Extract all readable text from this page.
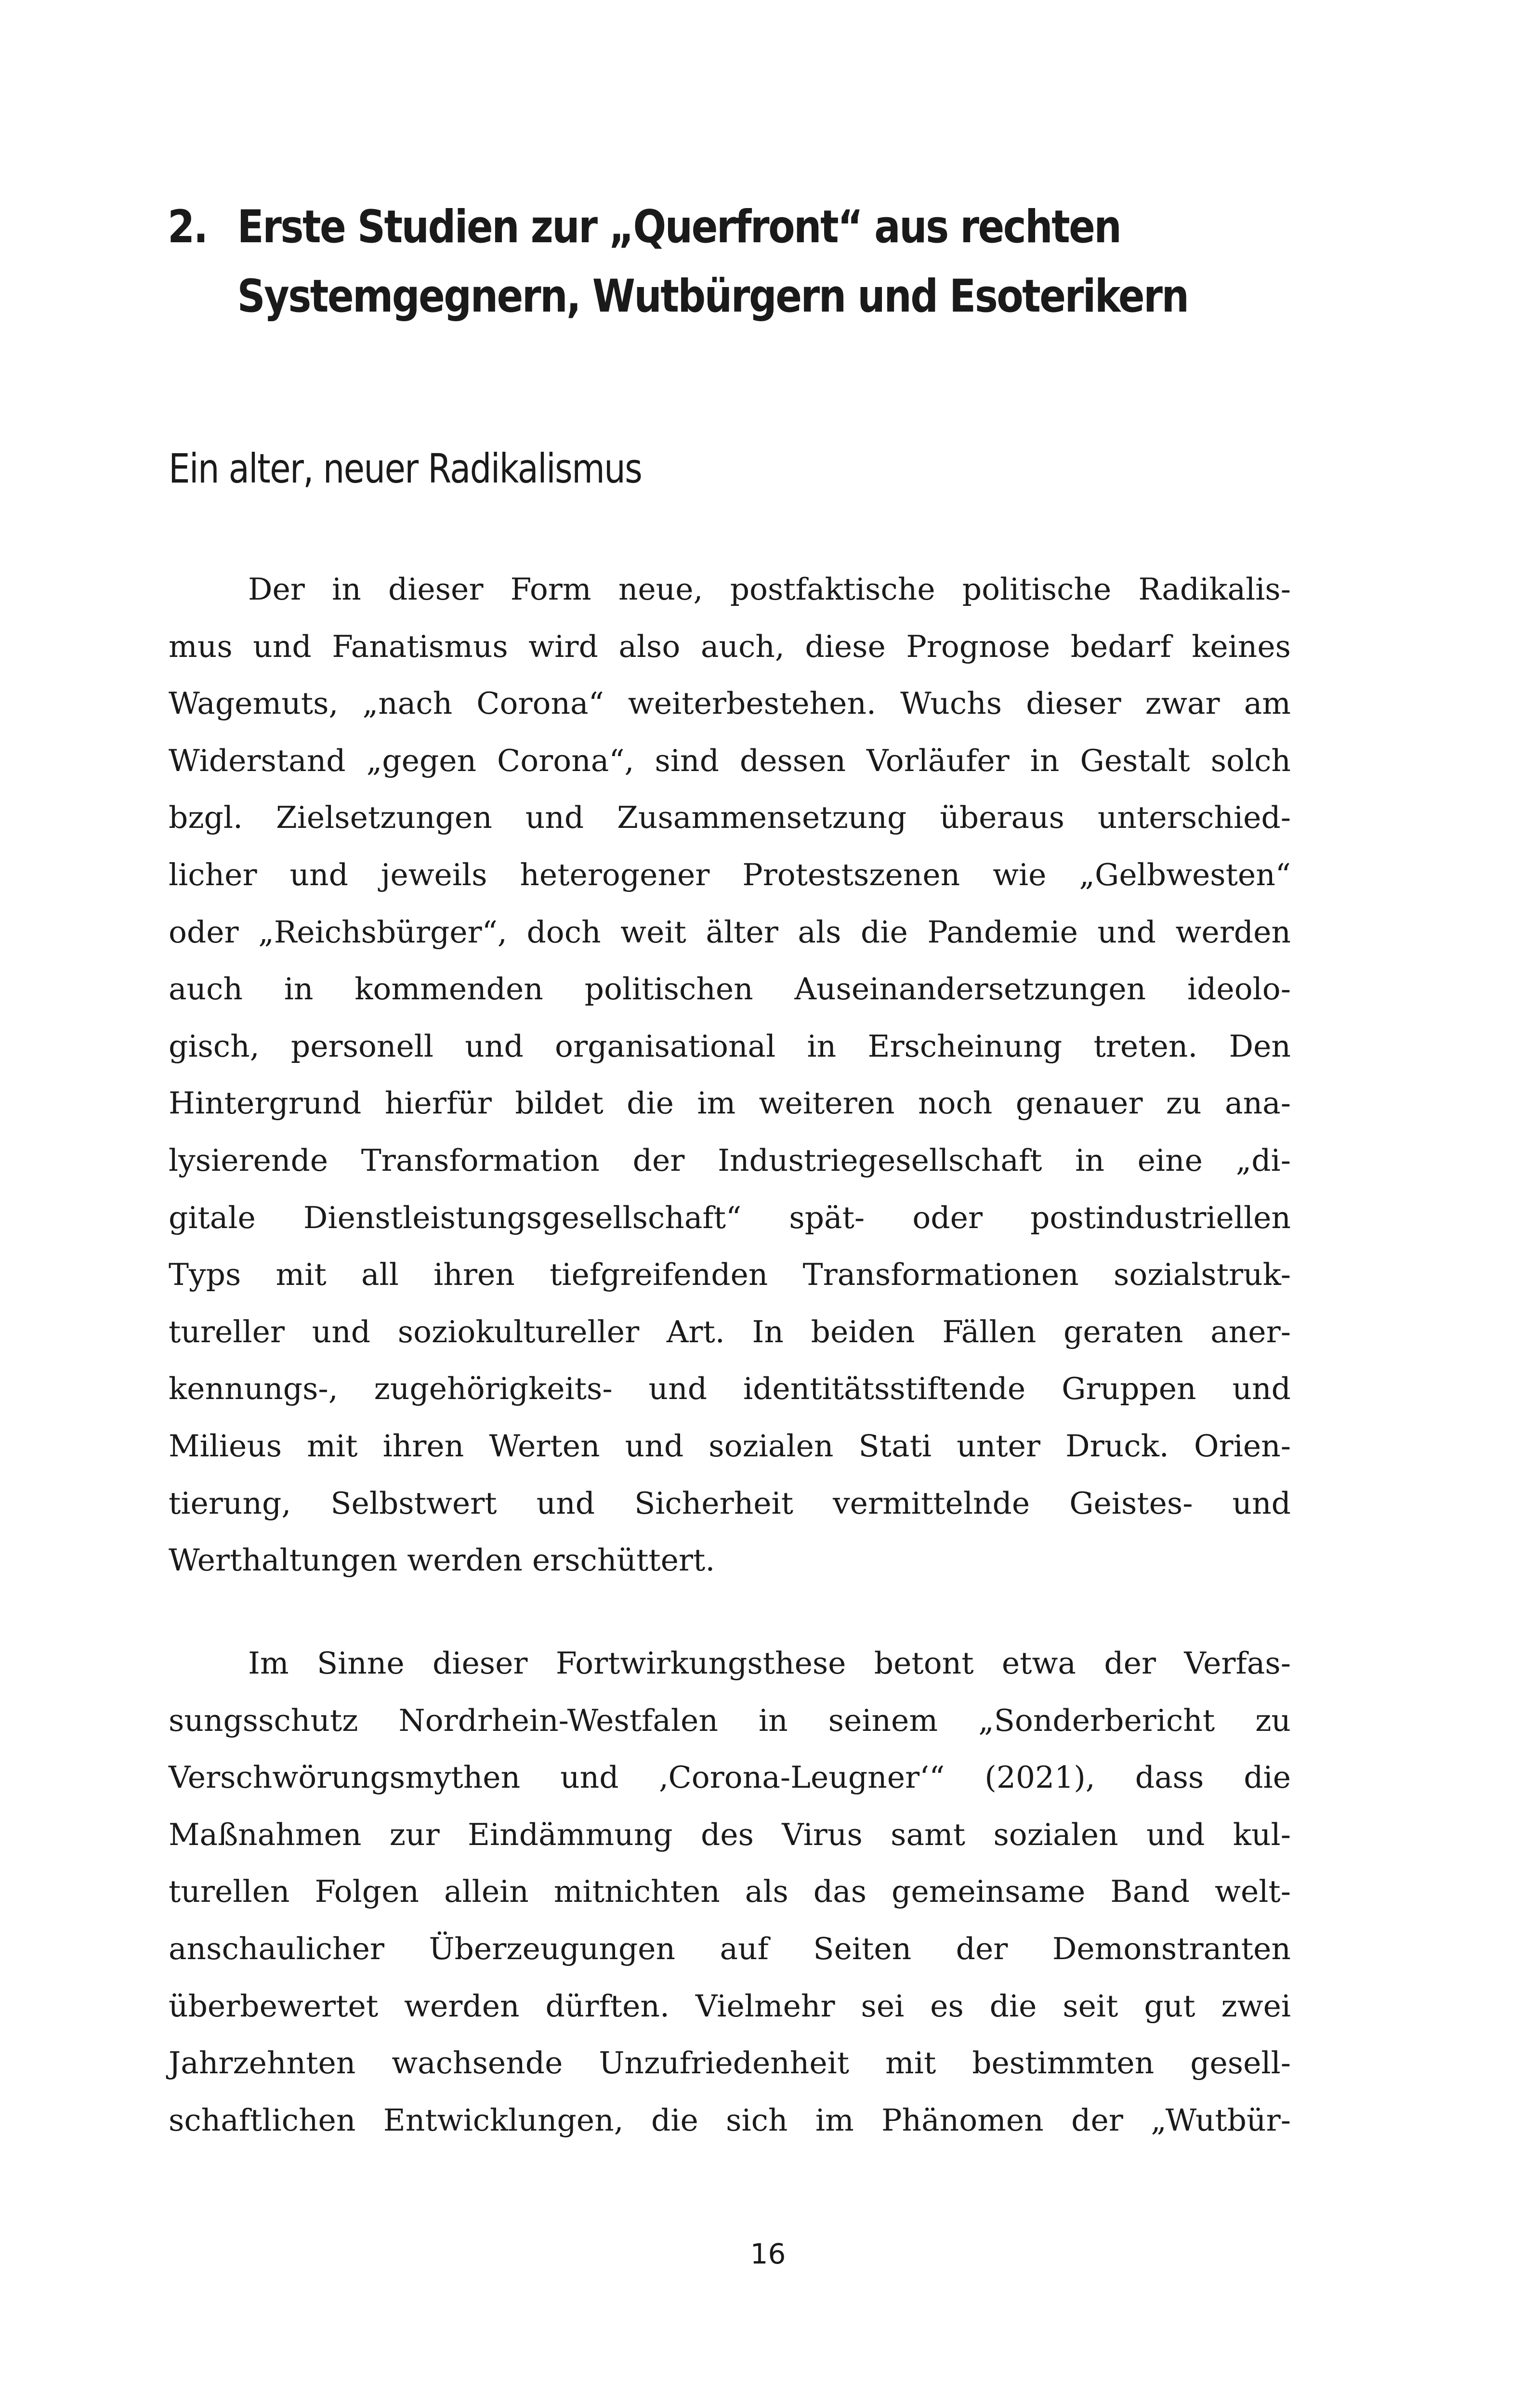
2. Erste Studien zur „Querfront“ aus rechten
Systemgegnern, Wutbürgern und Esoterikern
Ein alter, neuer Radikalismus
Der in dieser Form neue, postfaktische politische Radikalis-
mus und Fanatismus wird also auch, diese Prognose bedarf keines
Wagemuts, „nach Corona“ weiterbestehen. Wuchs dieser zwar am
Widerstand „gegen Corona“, sind dessen Vorläufer in Gestalt solch
bzgl. Zielsetzungen und Zusammensetzung überaus unterschied-
licher und jeweils heterogener Protestszenen wie „Gelbwesten“
oder „Reichsbürger“, doch weit älter als die Pandemie und werden
auch in kommenden politischen Auseinandersetzungen ideolo-
gisch, personell und organisational in Erscheinung treten. Den
Hintergrund hierfür bildet die im weiteren noch genauer zu ana-
lysierende Transformation der Industriegesellschaft in eine „di-
gitale Dienstleistungsgesellschaft“ spät- oder postindustriellen
Typs mit all ihren tiefgreifenden Transformationen sozialstruk-
tureller und soziokultureller Art. In beiden Fällen geraten aner-
kennungs-, zugehörigkeits- und identitätsstiftende Gruppen und
Milieus mit ihren Werten und sozialen Stati unter Druck. Orien-
tierung, Selbstwert und Sicherheit vermittelnde Geistes- und
Werthaltungen werden erschüttert.
Im Sinne dieser Fortwirkungsthese betont etwa der Verfas-
sungsschutz Nordrhein-Westfalen in seinem „Sonderbericht zu
Verschwörungsmythen und ‚Corona-Leugner‘“ (2021), dass die
Maßnahmen zur Eindämmung des Virus samt sozialen und kul-
turellen Folgen allein mitnichten als das gemeinsame Band welt-
anschaulicher Überzeugungen auf Seiten der Demonstranten
überbewertet werden dürften. Vielmehr sei es die seit gut zwei
Jahrzehnten wachsende Unzufriedenheit mit bestimmten gesell-
schaftlichen Entwicklungen, die sich im Phänomen der „Wutbür-
16
